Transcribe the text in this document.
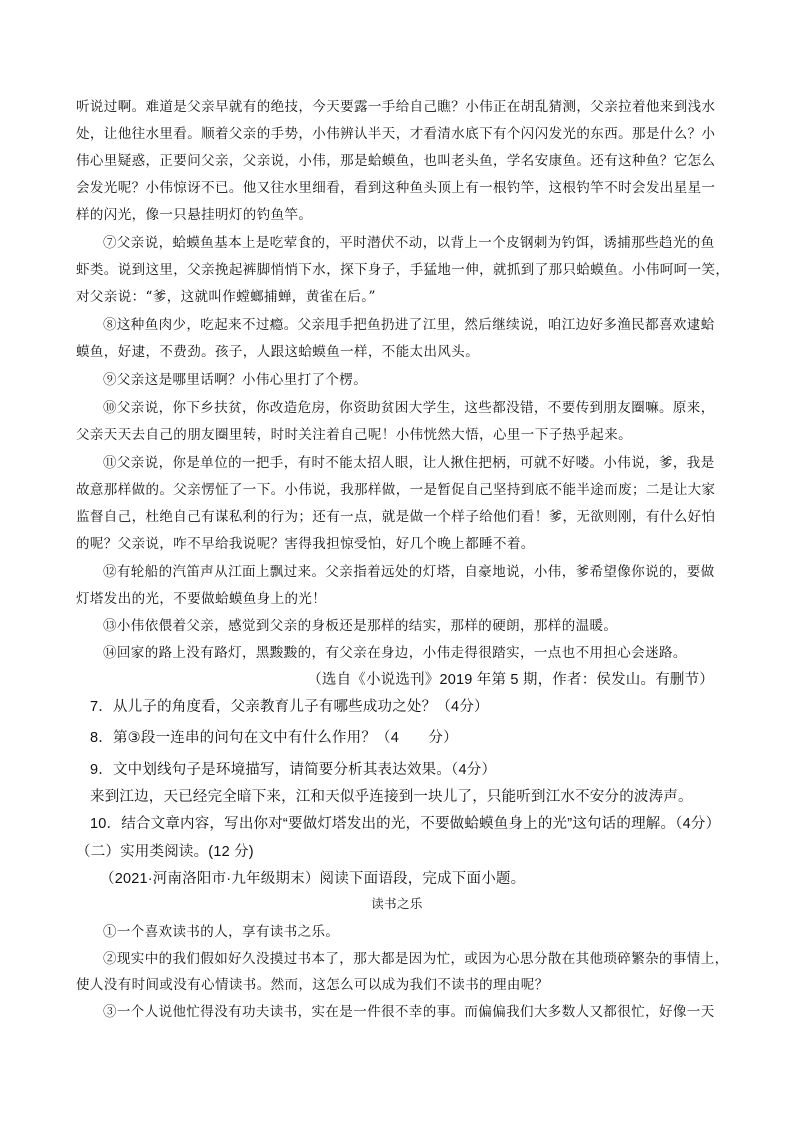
听说过啊。难道是父亲早就有的绝技，今天要露一手给自己瞧？小伟正在胡乱猜测，父亲拉着他来到浅水
处，让他往水里看。顺着父亲的手势，小伟辨认半天，才看清水底下有个闪闪发光的东西。那是什么？小
伟心里疑惑，正要问父亲，父亲说，小伟，那是蛤蟆鱼，也叫老头鱼，学名安康鱼。还有这种鱼？它怎么
会发光呢？小伟惊讶不已。他又往水里细看，看到这种鱼头顶上有一根钓竿，这根钓竿不时会发出星星一
样的闪光，像一只悬挂明灯的钓鱼竿。
⑦父亲说，蛤蟆鱼基本上是吃荤食的，平时潜伏不动，以背上一个皮钢刺为钓饵，诱捕那些趋光的鱼
虾类。说到这里，父亲挽起裤脚悄悄下水，探下身子，手猛地一伸，就抓到了那只蛤蟆鱼。小伟呵呵一笑，
对父亲说：“爹，这就叫作螳螂捕蝉，黄雀在后。”
⑧这种鱼肉少，吃起来不过瘾。父亲甩手把鱼扔进了江里，然后继续说，咱江边好多渔民都喜欢逮蛤
蟆鱼，好逮，不费劲。孩子，人跟这蛤蟆鱼一样，不能太出风头。
⑨父亲这是哪里话啊？小伟心里打了个楞。
⑩父亲说，你下乡扶贫，你改造危房，你资助贫困大学生，这些都没错，不要传到朋友圈嘛。原来，
父亲天天去自己的朋友圈里转，时时关注着自己呢！小伟恍然大悟，心里一下子热乎起来。
⑪父亲说，你是单位的一把手，有时不能太招人眼，让人揪住把柄，可就不好喽。小伟说，爹，我是
故意那样做的。父亲愣怔了一下。小伟说，我那样做，一是暂促自己坚持到底不能半途而废；二是让大家
监督自己，杜绝自己有谋私利的行为；还有一点，就是做一个样子给他们看！爹，无欲则刚，有什么好怕
的呢？父亲说，咋不早给我说呢？害得我担惊受怕，好几个晚上都睡不着。
⑫有轮船的汽笛声从江面上飘过来。父亲指着远处的灯塔，自豪地说，小伟，爹希望像你说的，要做
灯塔发出的光，不要做蛤蟆鱼身上的光！
⑬小伟依偎着父亲，感觉到父亲的身板还是那样的结实，那样的硬朗，那样的温暖。
⑭回家的路上没有路灯，黑黢黢的，有父亲在身边，小伟走得很踏实，一点也不用担心会迷路。
（选自《小说选刊》2019 年第 5 期，作者：侯发山。有删节）
7．从儿子的角度看，父亲教育儿子有哪些成功之处？（4分）
8．第③段一连串的问句在文中有什么作用？（4　　分）
9．文中划线句子是环境描写，请简要分析其表达效果。（4分）
来到江边，天已经完全暗下来，江和天似乎连接到一块儿了，只能听到江水不安分的波涛声。
10．结合文章内容，写出你对“要做灯塔发出的光，不要做蛤蟆鱼身上的光”这句话的理解。（4分）
（二）实用类阅读。(12 分)
（2021·河南洛阳市·九年级期末）阅读下面语段，完成下面小题。
读书之乐
①一个喜欢读书的人，享有读书之乐。
②现实中的我们假如好久没摸过书本了，那大都是因为忙，或因为心思分散在其他琐碎繁杂的事情上，
使人没有时间或没有心情读书。然而，这怎么可以成为我们不读书的理由呢？
③一个人说他忙得没有功夫读书，实在是一件很不幸的事。而偏偏我们大多数人又都很忙，好像一天
